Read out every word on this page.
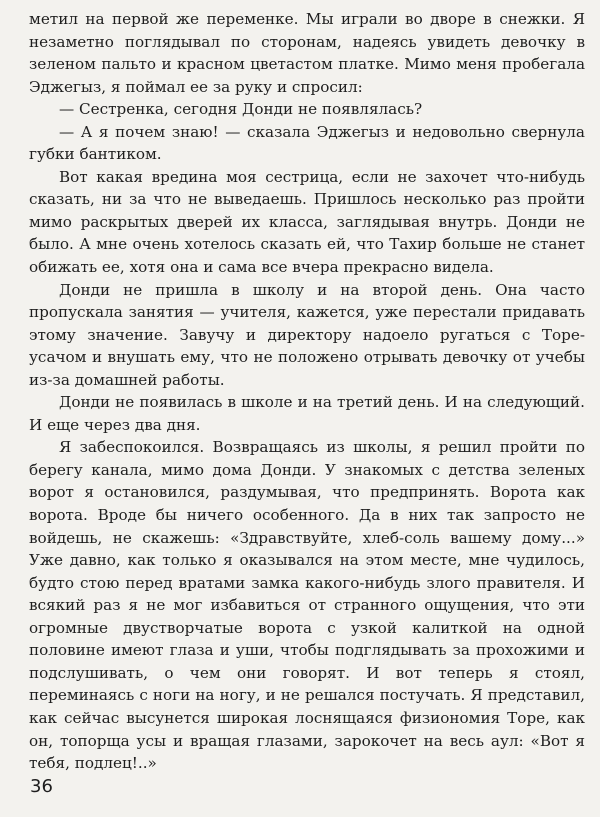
метил на первой же переменке. Мы играли во дворе в снежки. Я незаметно поглядывал по сторонам, надеясь увидеть девочку в зеленом пальто и красном цветастом платке. Мимо меня пробегала Эджегыз, я поймал ее за руку и спросил:

— Сестренка, сегодня Донди не появлялась?

— А я почем знаю! — сказала Эджегыз и недовольно свернула губки бантиком.

Вот какая вредина моя сестрица, если не захочет что-нибудь сказать, ни за что не выведаешь. Пришлось несколько раз пройти мимо раскрытых дверей их класса, заглядывая внутрь. Донди не было. А мне очень хотелось сказать ей, что Тахир больше не станет обижать ее, хотя она и сама все вчера прекрасно видела.

Донди не пришла в школу и на второй день. Она часто пропускала занятия — учителя, кажется, уже перестали придавать этому значение. Завучу и директору надоело ругаться с Торе-усачом и внушать ему, что не положено отрывать девочку от учебы из-за домашней работы.

Донди не появилась в школе и на третий день. И на следующий. И еще через два дня.

Я забеспокоился. Возвращаясь из школы, я решил пройти по берегу канала, мимо дома Донди. У знакомых с детства зеленых ворот я остановился, раздумывая, что предпринять. Ворота как ворота. Вроде бы ничего особенного. Да в них так запросто не войдешь, не скажешь: «Здравствуйте, хлеб-соль вашему дому...» Уже давно, как только я оказывался на этом месте, мне чудилось, будто стою перед вратами замка какого-нибудь злого правителя. И всякий раз я не мог избавиться от странного ощущения, что эти огромные двустворчатые ворота с узкой калиткой на одной половине имеют глаза и уши, чтобы подглядывать за прохожими и подслушивать, о чем они говорят. И вот теперь я стоял, переминаясь с ноги на ногу, и не решался постучать. Я представил, как сейчас высунется широкая лоснящаяся физиономия Торе, как он, топорща усы и вращая глазами, зарокочет на весь аул: «Вот я тебя, подлец!..»

36
